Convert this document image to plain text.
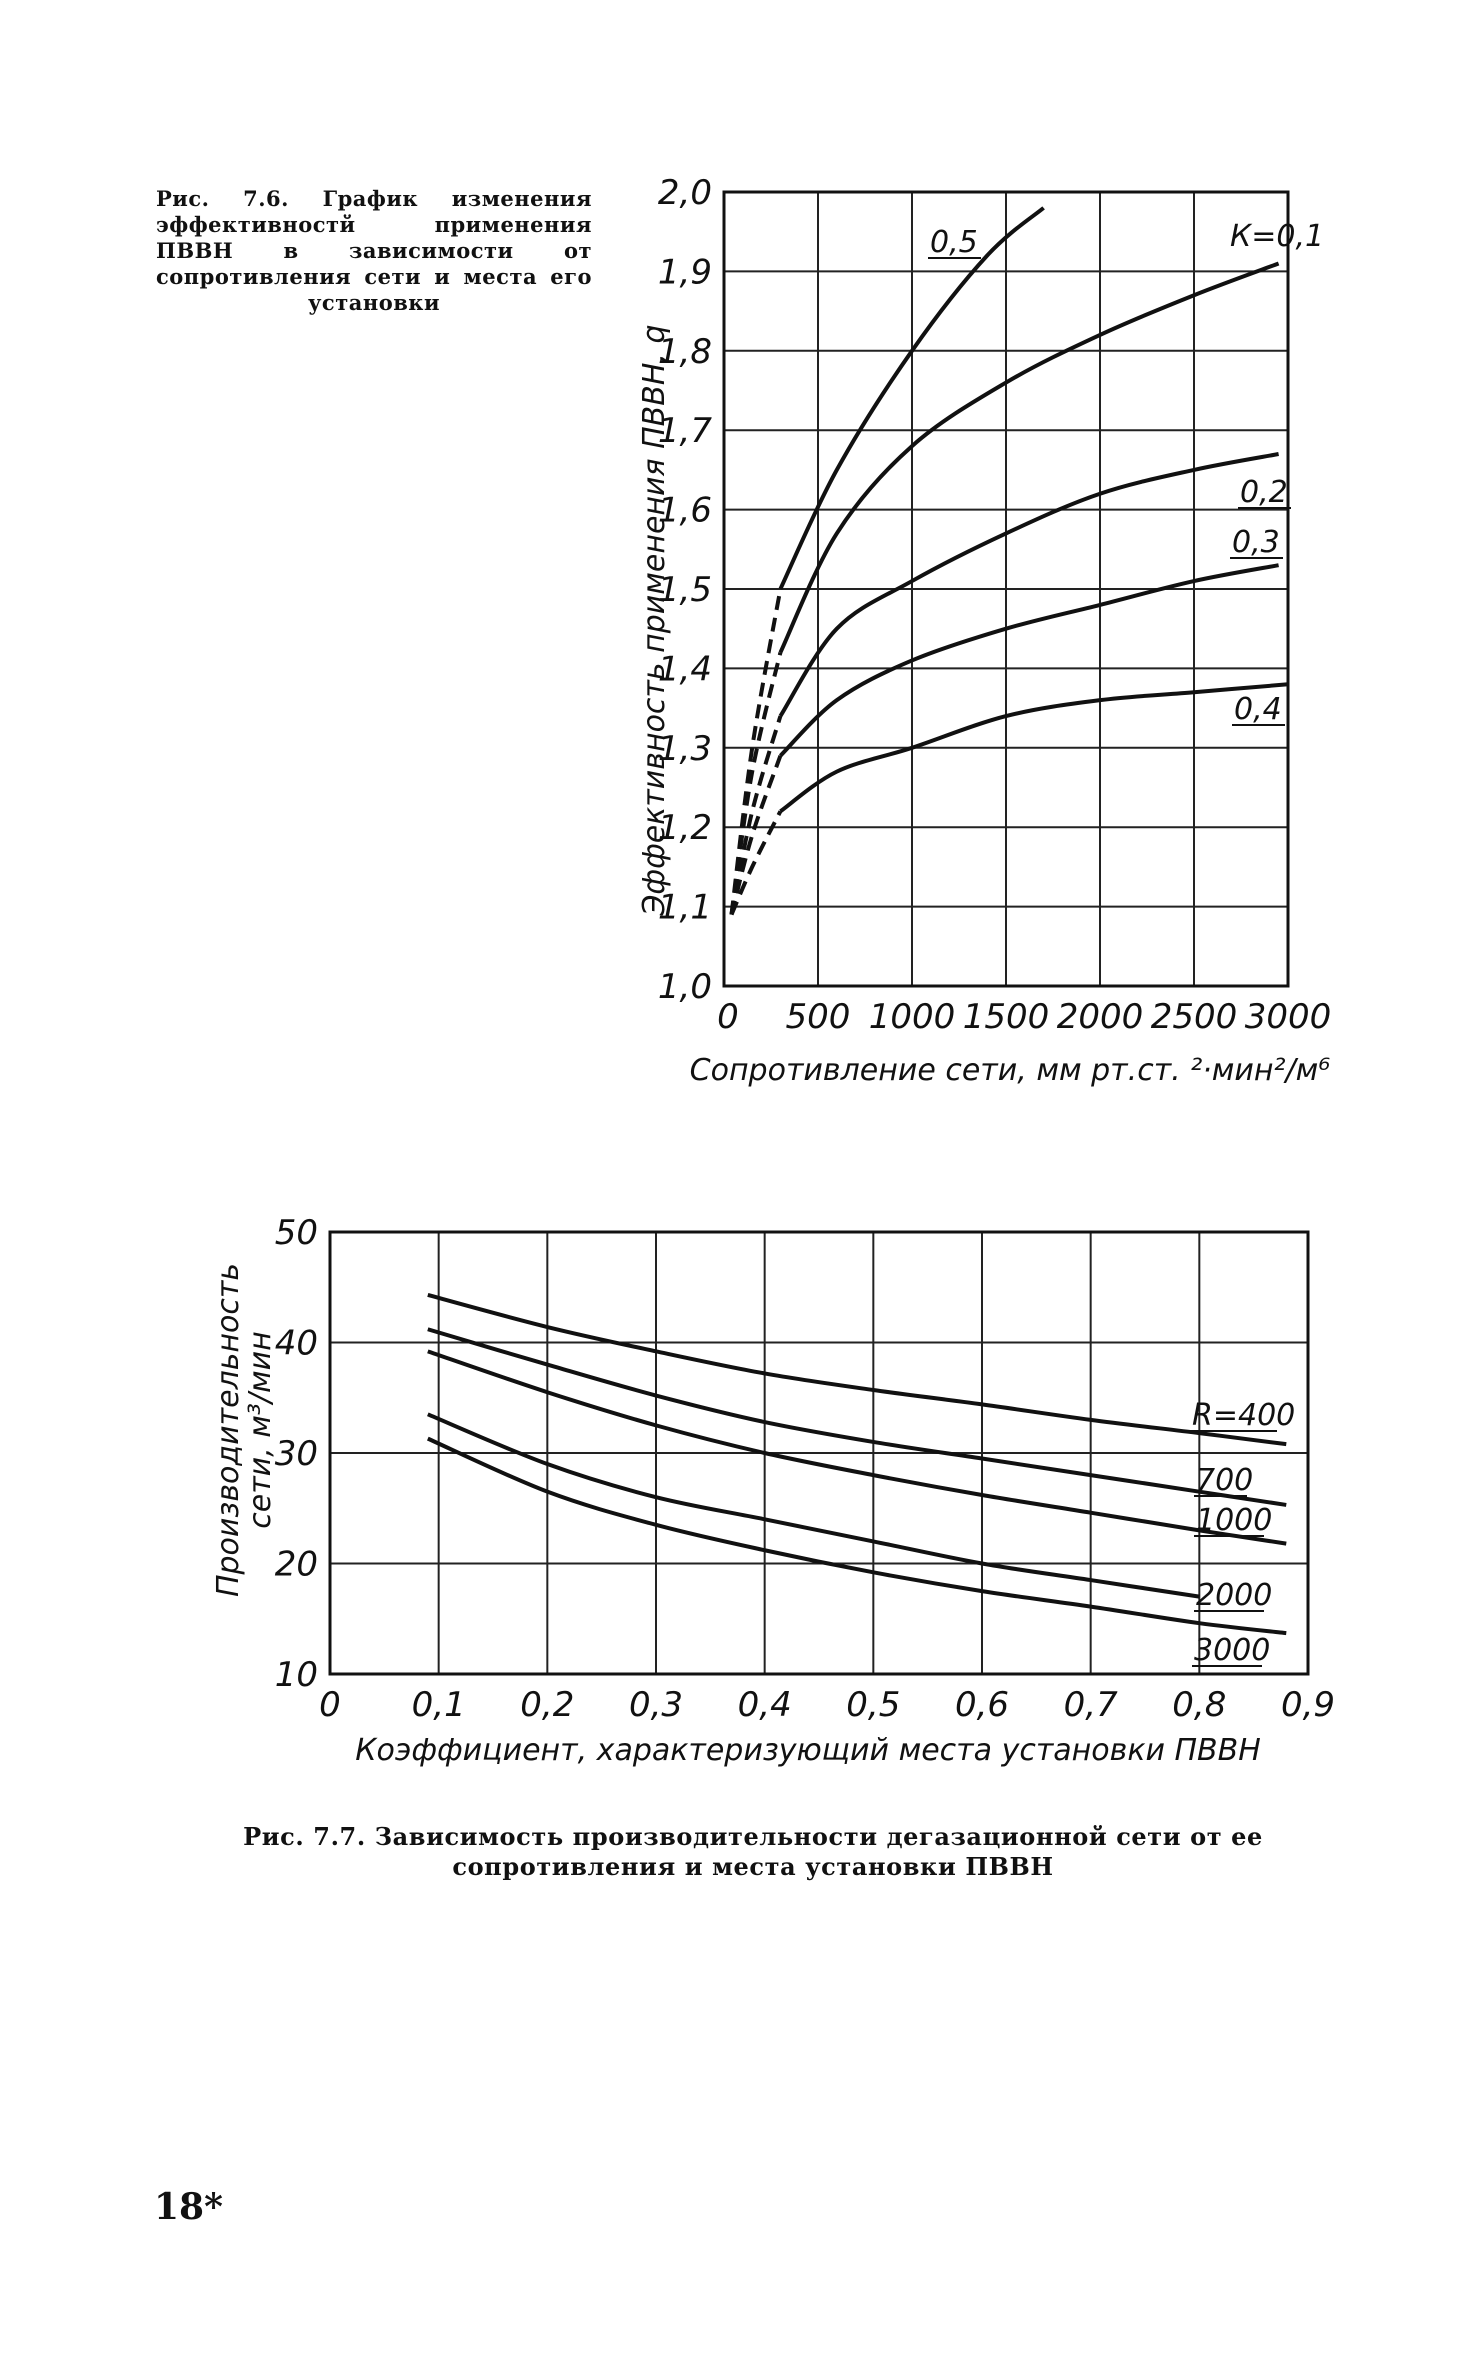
Рис. 7.6. График изменения эффективностй применения ПВВН в зависимости от сопротивления сети и места его установки
0 500 1000 1500 2000 2500 3000
1,0
1,1
1,2
1,3
1,4
1,5
1,6
1,7
1,8
1,9
2,0
Сопротивление сети, мм рт.ст. ²·мин²/м⁶
Эффективность применения ПВВН, q
К=0,1
0,2
0,3
0,4
0,5
0 0,1 0,2 0,3 0,4 0,5 0,6 0,7 0,8 0,9
10
20
30
40
50
Коэффициент, характеризующий места установки ПВВН
Производительность
сети, м³/мин	R=400
700
1000
2000
3000
Рис. 7.7. Зависимость производительности дегазационной сети от ее сопротивления и места установки ПВВН
18*
